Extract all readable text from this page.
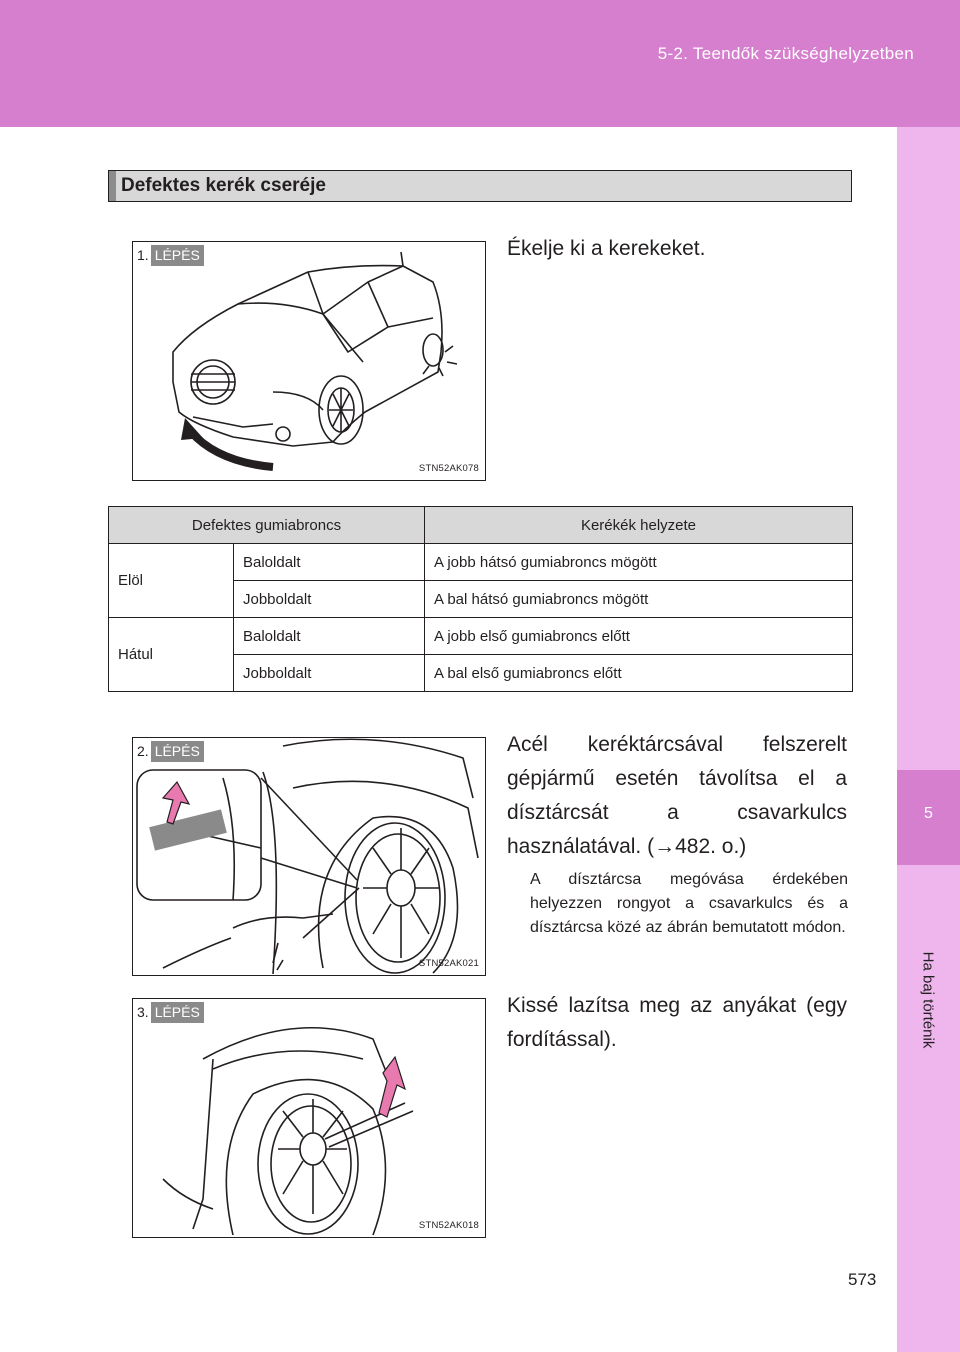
5-2. Teendők szükséghelyzetben
5
Ha baj történik
Defektes kerék cseréje
1. LÉPÉS
STN52AK078
Ékelje ki a kerekeket.
Defektes gumiabroncs		Kerékék helyzete
Elöl	Baloldalt	A jobb hátsó gumiabroncs mögött
	Jobboldalt	A bal hátsó gumiabroncs mögött
Hátul	Baloldalt	A jobb első gumiabroncs előtt
	Jobboldalt	A bal első gumiabroncs előtt
2. LÉPÉS
STN52AK021
Acél keréktárcsával felszerelt gépjármű esetén távolítsa el a dísztárcsát a csavarkulcs használatával. (→482. o.)
A dísztárcsa megóvása érdekében helyezzen rongyot a csavarkulcs és a dísztárcsa közé az ábrán bemutatott módon.
3. LÉPÉS
STN52AK018
Kissé lazítsa meg az anyákat (egy fordítással).
573
